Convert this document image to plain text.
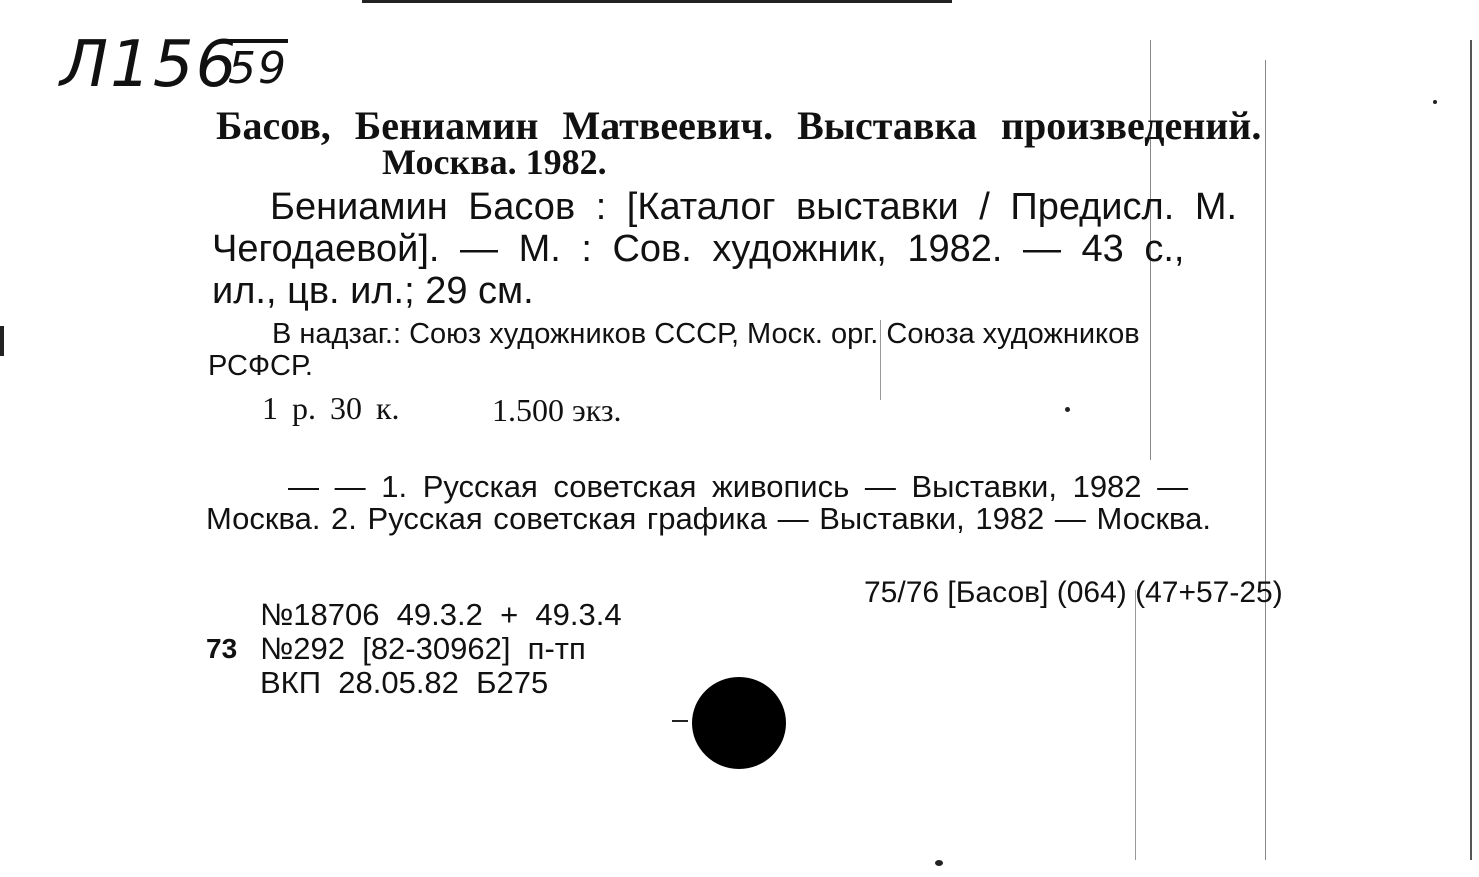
Л156
59
Басов, Бениамин Матвеевич. Выставка произведений.
Москва. 1982.
Бениамин Басов : [Каталог выставки / Предисл. М.
Чегодаевой]. — М. : Сов. художник, 1982. — 43 с.,
ил., цв. ил.; 29 см.
В надзаг.: Союз художников СССР, Моск. орг. Союза художников
РСФСР.
1 р. 30 к.	1.500 экз.
— — 1. Русская советская живопись — Выставки, 1982 —
Москва. 2. Русская советская графика — Выставки, 1982 — Москва.
75/76 [Басов] (064) (47+57-25)
№18706  49.3.2  +  49.3.4
73 №292  [82-30962]  п-тп
ВКП  28.05.82  Б275
